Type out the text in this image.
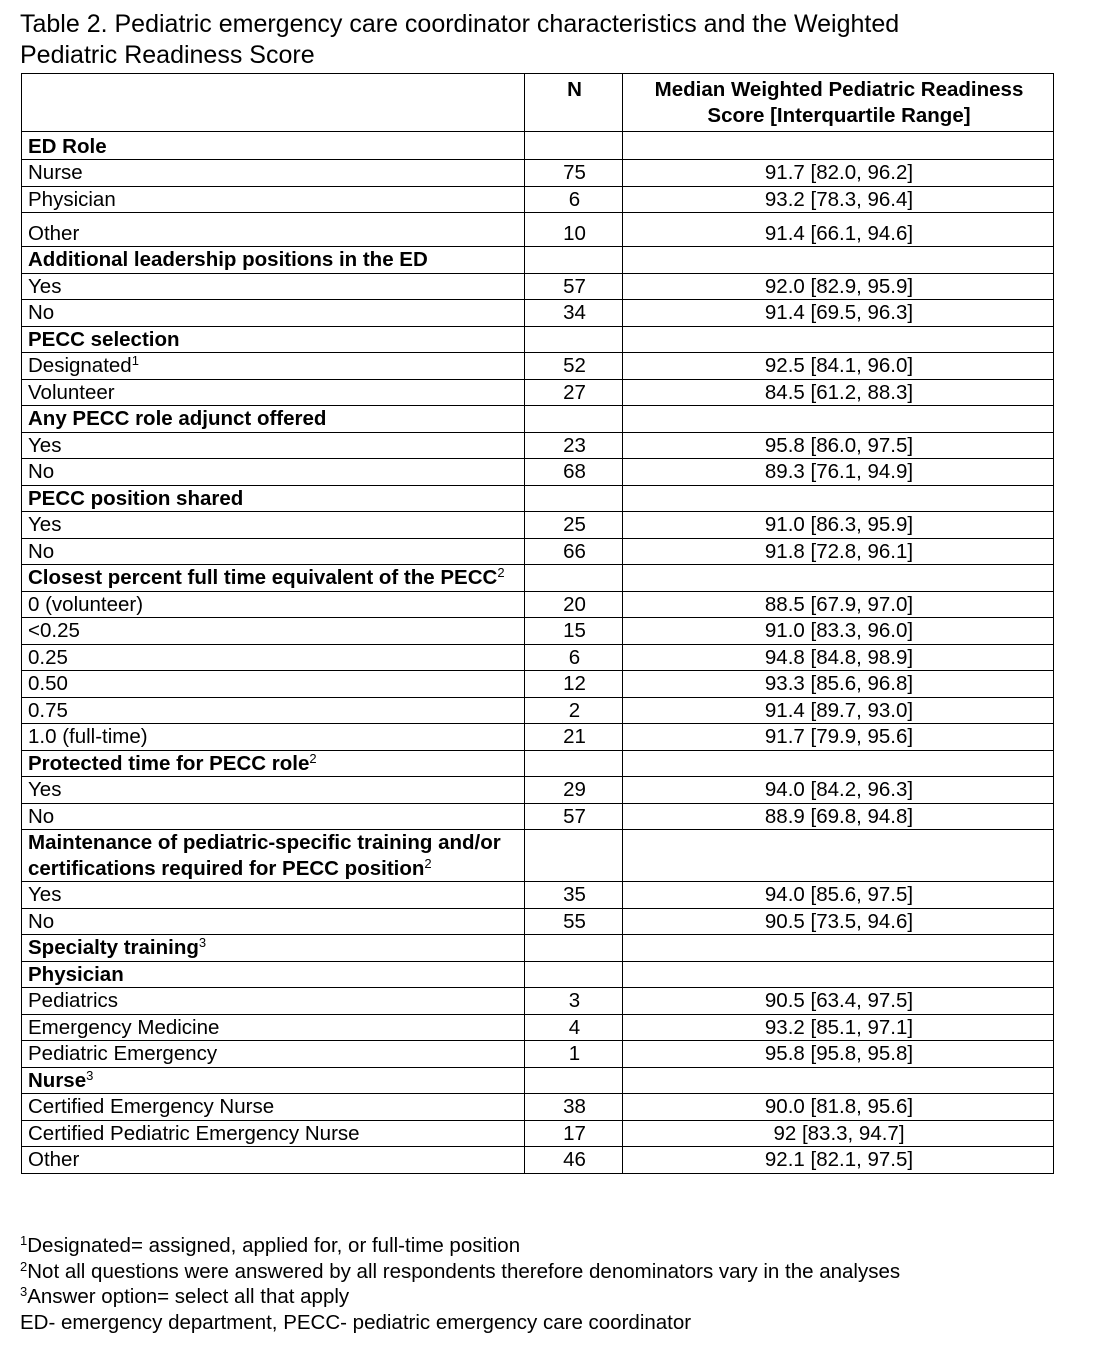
Table 2. Pediatric emergency care coordinator characteristics and the Weighted
Pediatric Readiness Score
	N	Median Weighted Pediatric Readiness Score [Interquartile Range]
ED Role		
Nurse	75	91.7 [82.0, 96.2]
Physician	6	93.2 [78.3, 96.4]
Other	10	91.4 [66.1, 94.6]
Additional leadership positions in the ED		
Yes	57	92.0 [82.9, 95.9]
No	34	91.4 [69.5, 96.3]
PECC selection		
Designated$^1$	52	92.5 [84.1, 96.0]
Volunteer	27	84.5 [61.2, 88.3]
Any PECC role adjunct offered		
Yes	23	95.8 [86.0, 97.5]
No	68	89.3 [76.1, 94.9]
PECC position shared		
Yes	25	91.0 [86.3, 95.9]
No	66	91.8 [72.8, 96.1]
Closest percent full time equivalent of the PECC$^2$		
0 (volunteer)	20	88.5 [67.9, 97.0]
<0.25	15	91.0 [83.3, 96.0]
0.25	6	94.8 [84.8, 98.9]
0.50	12	93.3 [85.6, 96.8]
0.75	2	91.4 [89.7, 93.0]
1.0 (full-time)	21	91.7 [79.9, 95.6]
Protected time for PECC role$^2$		
Yes	29	94.0 [84.2, 96.3]
No	57	88.9 [69.8, 94.8]
Maintenance of pediatric-specific training and/or certifications required for PECC position$^2$		
Yes	35	94.0 [85.6, 97.5]
No	55	90.5 [73.5, 94.6]
Specialty training$^3$		
Physician		
Pediatrics	3	90.5 [63.4, 97.5]
Emergency Medicine	4	93.2 [85.1, 97.1]
Pediatric Emergency	1	95.8 [95.8, 95.8]
Nurse$^3$		
Certified Emergency Nurse	38	90.0 [81.8, 95.6]
Certified Pediatric Emergency Nurse	17	92 [83.3, 94.7]
Other	46	92.1 [82.1, 97.5]
$^1$Designated= assigned, applied for, or full-time position
$^2$Not all questions were answered by all respondents therefore denominators vary in the analyses
$^3$Answer option= select all that apply
ED- emergency department, PECC- pediatric emergency care coordinator
